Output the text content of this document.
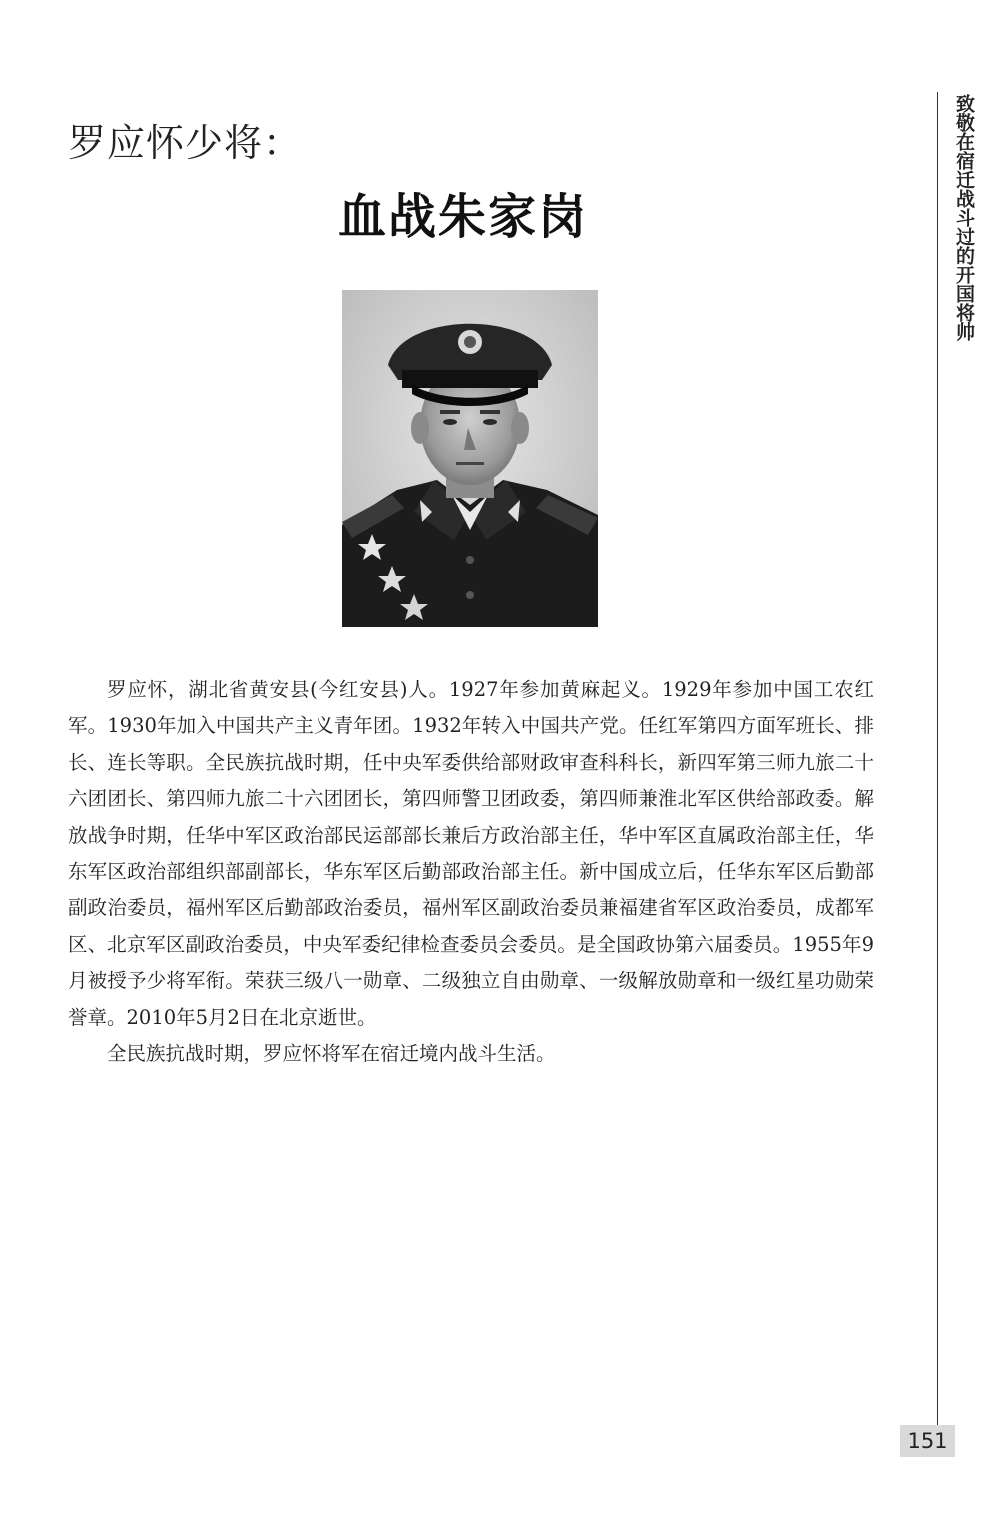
罗应怀少将：
血战朱家岗

罗应怀，湖北省黄安县(今红安县)人。1927年参加黄麻起义。1929年参加中国工农红军。1930年加入中国共产主义青年团。1932年转入中国共产党。任红军第四方面军班长、排长、连长等职。全民族抗战时期，任中央军委供给部财政审查科科长，新四军第三师九旅二十六团团长、第四师九旅二十六团团长，第四师警卫团政委，第四师兼淮北军区供给部政委。解放战争时期，任华中军区政治部民运部部长兼后方政治部主任，华中军区直属政治部主任，华东军区政治部组织部副部长，华东军区后勤部政治部主任。新中国成立后，任华东军区后勤部副政治委员，福州军区后勤部政治委员，福州军区副政治委员兼福建省军区政治委员，成都军区、北京军区副政治委员，中央军委纪律检查委员会委员。是全国政协第六届委员。1955年9月被授予少将军衔。荣获三级八一勋章、二级独立自由勋章、一级解放勋章和一级红星功勋荣誉章。2010年5月2日在北京逝世。

全民族抗战时期，罗应怀将军在宿迁境内战斗生活。

致敬在宿迁战斗过的开国将帅
151
